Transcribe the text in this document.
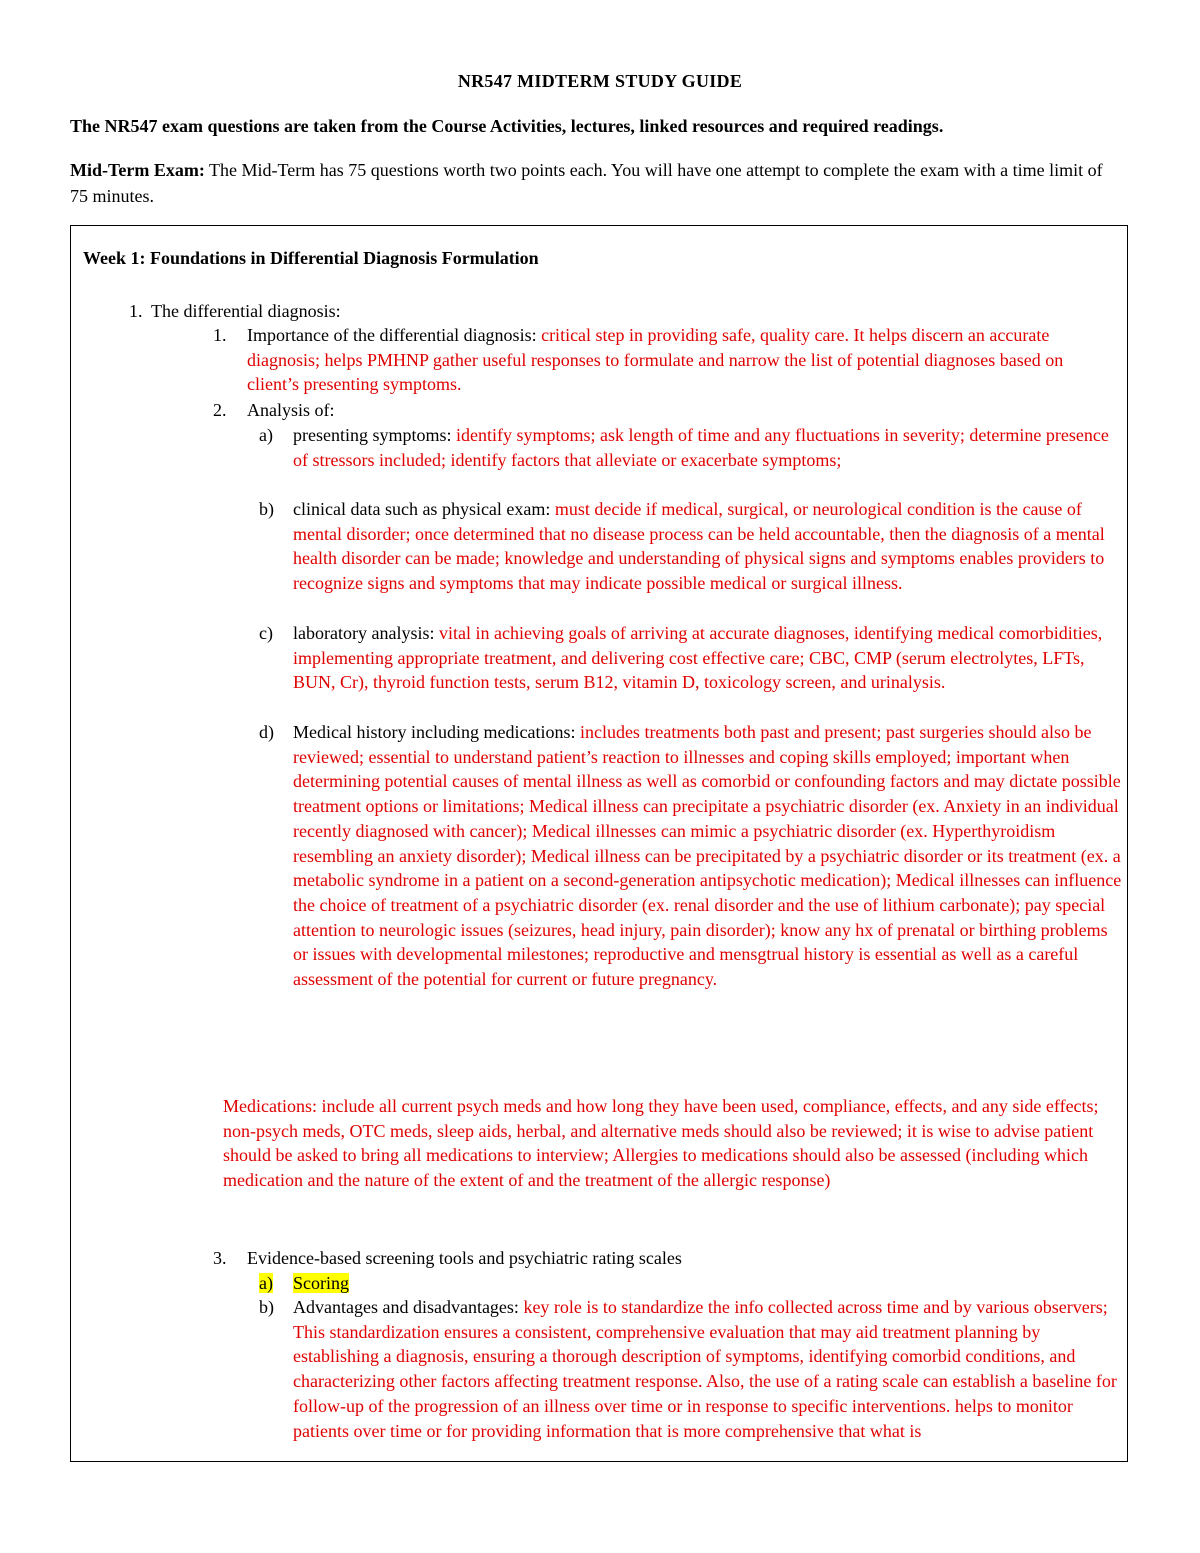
NR547 MIDTERM STUDY GUIDE
The NR547 exam questions are taken from the Course Activities, lectures, linked resources and required readings.
Mid-Term Exam: The Mid-Term has 75 questions worth two points each. You will have one attempt to complete the exam with a time limit of 75 minutes.
Week 1: Foundations in Differential Diagnosis Formulation
1. The differential diagnosis:
1.	Importance of the differential diagnosis: critical step in providing safe, quality care. It helps discern an accurate diagnosis; helps PMHNP gather useful responses to formulate and narrow the list of potential diagnoses based on client’s presenting symptoms.
2.	Analysis of:
a)	presenting symptoms: identify symptoms; ask length of time and any fluctuations in severity; determine presence of stressors included; identify factors that alleviate or exacerbate symptoms;
b)	clinical data such as physical exam: must decide if medical, surgical, or neurological condition is the cause of mental disorder; once determined that no disease process can be held accountable, then the diagnosis of a mental health disorder can be made; knowledge and understanding of physical signs and symptoms enables providers to recognize signs and symptoms that may indicate possible medical or surgical illness.
c)	laboratory analysis: vital in achieving goals of arriving at accurate diagnoses, identifying medical comorbidities, implementing appropriate treatment, and delivering cost effective care; CBC, CMP (serum electrolytes, LFTs, BUN, Cr), thyroid function tests, serum B12, vitamin D, toxicology screen, and urinalysis.
d)	Medical history including medications: includes treatments both past and present; past surgeries should also be reviewed; essential to understand patient’s reaction to illnesses and coping skills employed; important when determining potential causes of mental illness as well as comorbid or confounding factors and may dictate possible treatment options or limitations; Medical illness can precipitate a psychiatric disorder (ex. Anxiety in an individual recently diagnosed with cancer); Medical illnesses can mimic a psychiatric disorder (ex. Hyperthyroidism resembling an anxiety disorder); Medical illness can be precipitated by a psychiatric disorder or its treatment (ex. a metabolic syndrome in a patient on a second-generation antipsychotic medication); Medical illnesses can influence the choice of treatment of a psychiatric disorder (ex. renal disorder and the use of lithium carbonate); pay special attention to neurologic issues (seizures, head injury, pain disorder); know any hx of prenatal or birthing problems or issues with developmental milestones; reproductive and mensgtrual history is essential as well as a careful assessment of the potential for current or future pregnancy.
Medications: include all current psych meds and how long they have been used, compliance, effects, and any side effects; non-psych meds, OTC meds, sleep aids, herbal, and alternative meds should also be reviewed; it is wise to advise patient should be asked to bring all medications to interview; Allergies to medications should also be assessed (including which medication and the nature of the extent of and the treatment of the allergic response)
3.	Evidence-based screening tools and psychiatric rating scales
a)	Scoring
b)	Advantages and disadvantages: key role is to standardize the info collected across time and by various observers; This standardization ensures a consistent, comprehensive evaluation that may aid treatment planning by establishing a diagnosis, ensuring a thorough description of symptoms, identifying comorbid conditions, and characterizing other factors affecting treatment response. Also, the use of a rating scale can establish a baseline for follow-up of the progression of an illness over time or in response to specific interventions. helps to monitor patients over time or for providing information that is more comprehensive that what is
